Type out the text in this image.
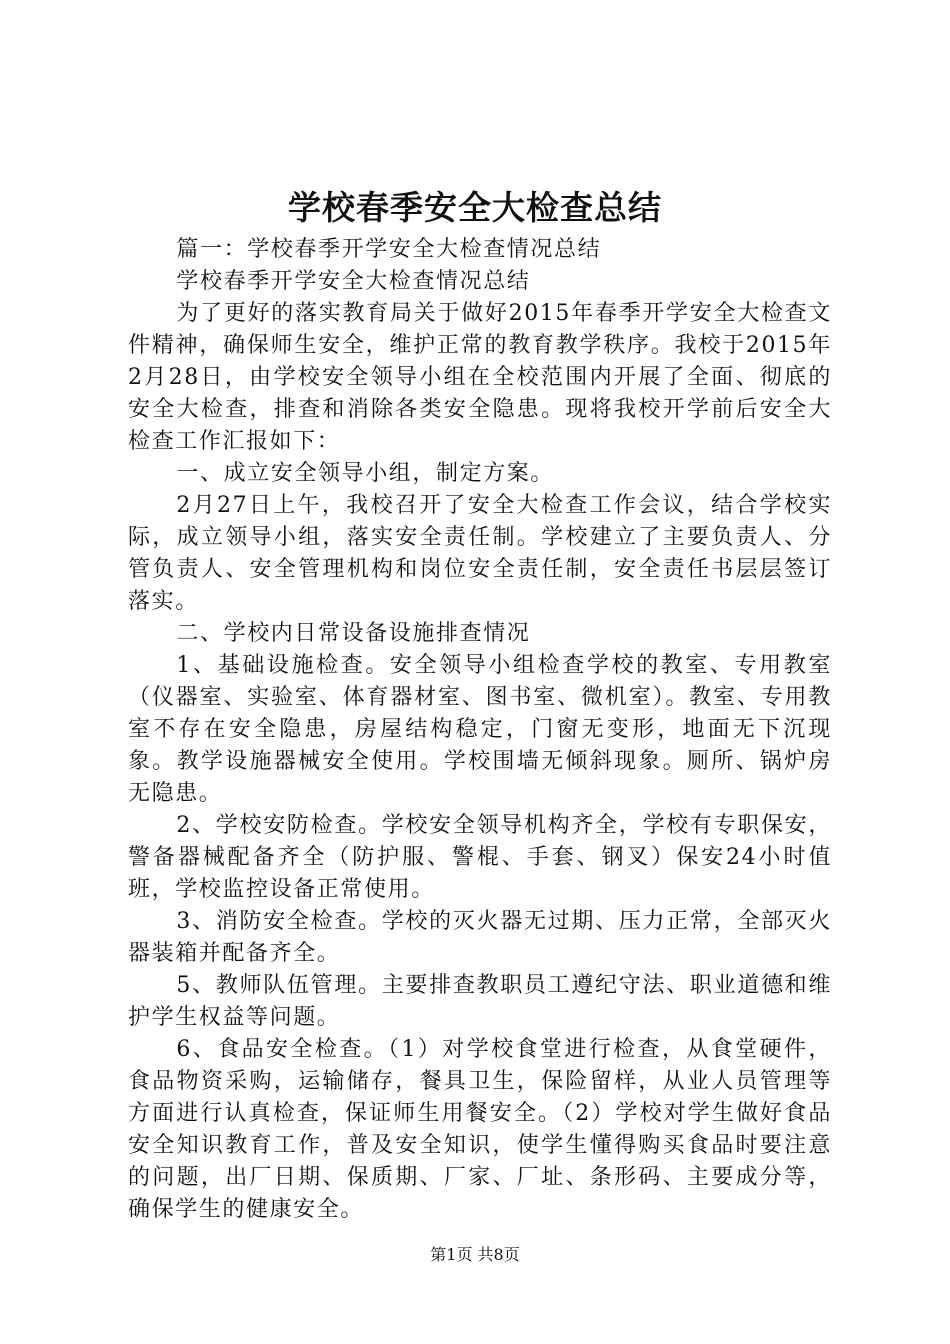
学校春季安全大检查总结

篇一：学校春季开学安全大检查情况总结

学校春季开学安全大检查情况总结

为了更好的落实教育局关于做好2015年春季开学安全大检查文件精神，确保师生安全，维护正常的教育教学秩序。我校于2015年2月28日，由学校安全领导小组在全校范围内开展了全面、彻底的安全大检查，排查和消除各类安全隐患。现将我校开学前后安全大检查工作汇报如下：

一、成立安全领导小组，制定方案。

2月27日上午，我校召开了安全大检查工作会议，结合学校实际，成立领导小组，落实安全责任制。学校建立了主要负责人、分管负责人、安全管理机构和岗位安全责任制，安全责任书层层签订落实。

二、学校内日常设备设施排查情况

1、基础设施检查。安全领导小组检查学校的教室、专用教室（仪器室、实验室、体育器材室、图书室、微机室）。教室、专用教室不存在安全隐患，房屋结构稳定，门窗无变形，地面无下沉现象。教学设施器械安全使用。学校围墙无倾斜现象。厕所、锅炉房无隐患。

2、学校安防检查。学校安全领导机构齐全，学校有专职保安，警备器械配备齐全（防护服、警棍、手套、钢叉）保安24小时值班，学校监控设备正常使用。

3、消防安全检查。学校的灭火器无过期、压力正常，全部灭火器装箱并配备齐全。

5、教师队伍管理。主要排查教职员工遵纪守法、职业道德和维护学生权益等问题。

6、食品安全检查。（1）对学校食堂进行检查，从食堂硬件，食品物资采购，运输储存，餐具卫生，保险留样，从业人员管理等方面进行认真检查，保证师生用餐安全。（2）学校对学生做好食品安全知识教育工作，普及安全知识，使学生懂得购买食品时要注意的问题，出厂日期、保质期、厂家、厂址、条形码、主要成分等，确保学生的健康安全。

第1页 共8页
